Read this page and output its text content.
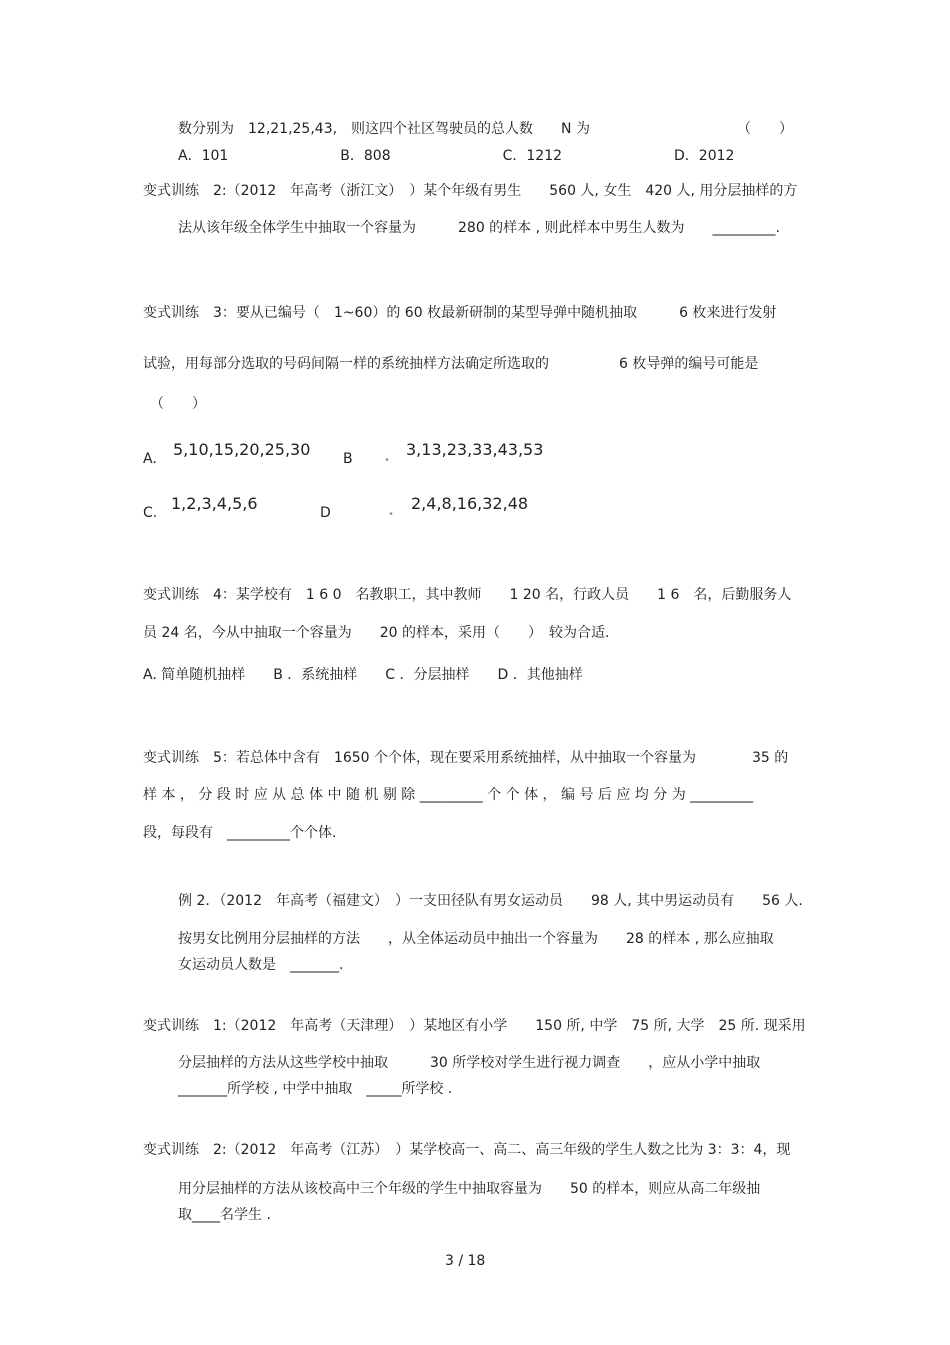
数分别为　12,21,25,43,　则这四个社区驾驶员的总人数　　N 为　　　　　　　　　　　（　　）
A．101　　　　　　　　B．808　　　　　　　　C．1212　　　　　　　　D．2012
变式训练　2:（2012　年高考（浙江文）　）某个年级有男生　　560 人, 女生　420 人, 用分层抽样的方
法从该年级全体学生中抽取一个容量为　　　280 的样本 , 则此样本中男生人数为　　_________.
变式训练　3：要从已编号（　1~60）的 60 枚最新研制的某型导弹中随机抽取　　　6 枚来进行发射
试验，用每部分选取的号码间隔一样的系统抽样方法确定所选取的　　　　　6 枚导弹的编号可能是
（　　）
A. 5,10,15,20,25,30 B	•
3,13,23,33,43,53
C. 1,2,3,4,5,6	D	•
2,4,8,16,32,48
变式训练　4：某学校有　1 6 0　名教职工，其中教师　　1 20 名，行政人员　　1 6　名，后勤服务人
员 24 名，今从中抽取一个容量为　　20 的样本，采用（　　）　较为合适.
A. 简单随机抽样　　B ．系统抽样　　C ．分层抽样　　D ．其他抽样
变式训练　5：若总体中含有　1650 个个体，现在要采用系统抽样，从中抽取一个容量为　　　　35 的
样 本 ， 分 段 时 应 从 总 体 中 随 机 剔 除 _________ 个 个 体 ， 编 号 后 应 均 分 为 _________
段，每段有　_________个个体.
例 2．（2012　年高考（福建文）　）一支田径队有男女运动员　　98 人, 其中男运动员有　　56 人.
按男女比例用分层抽样的方法　　，从全体运动员中抽出一个容量为　　28 的样本 , 那么应抽取
女运动员人数是　_______.
变式训练　1:（2012　年高考（天津理）　）某地区有小学　　150 所, 中学　75 所, 大学　25 所. 现采用
分层抽样的方法从这些学校中抽取　　　30 所学校对学生进行视力调查　　，应从小学中抽取
_______所学校 , 中学中抽取　_____所学校 .
变式训练　2:（2012　年高考（江苏）　）某学校高一、高二、高三年级的学生人数之比为 3：3：4，现
用分层抽样的方法从该校高中三个年级的学生中抽取容量为　　50 的样本，则应从高二年级抽
取____名学生 .
3 / 18
